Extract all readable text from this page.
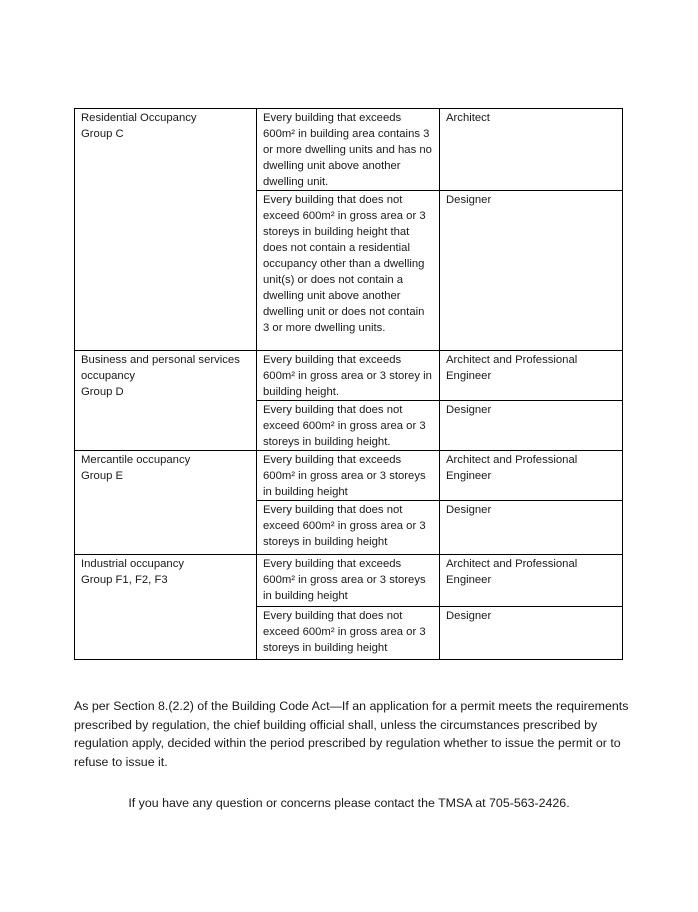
Residential Occupancy
Group C	Every building that exceeds 600m² in building area contains 3 or more dwelling units and has no dwelling unit above another dwelling unit.	Architect
	Every building that does not exceed 600m² in gross area or 3 storeys in building height that does not contain a residential occupancy other than a dwelling unit(s) or does not contain a dwelling unit above another dwelling unit or does not contain 3 or more dwelling units.	Designer

Business and personal services
occupancy
Group D	Every building that exceeds 600m² in gross area or 3 storey in building height.	Architect and Professional Engineer
	Every building that does not exceed 600m² in gross area or 3 storeys in building height.	Designer

Mercantile occupancy
Group E	Every building that exceeds 600m² in gross area or 3 storeys in building height	Architect and Professional Engineer
	Every building that does not exceed 600m² in gross area or 3 storeys in building height	Designer

Industrial occupancy
Group F1, F2, F3	Every building that exceeds 600m² in gross area or 3 storeys in building height	Architect and Professional Engineer
	Every building that does not exceed 600m² in gross area or 3 storeys in building height	Designer

As per Section 8.(2.2) of the Building Code Act—If an application for a permit meets the requirements prescribed by regulation, the chief building official shall, unless the circumstances prescribed by regulation apply, decided within the period prescribed by regulation whether to issue the permit or to refuse to issue it.

If you have any question or concerns please contact the TMSA at 705-563-2426.
